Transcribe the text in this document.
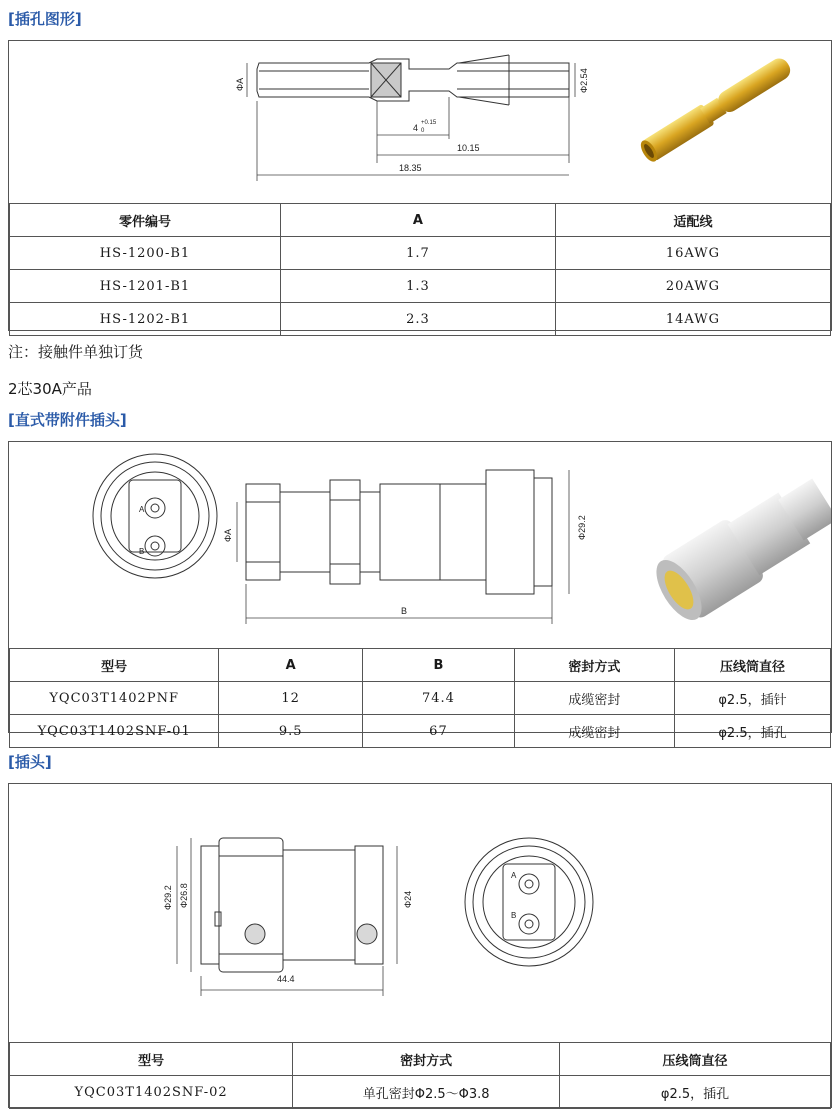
[插孔图形]
4 +0.15
0
10.15
18.35
Φ2.54
ΦA
零件编号	A	适配线
HS-1200-B1	1.7	16AWG
HS-1201-B1	1.3	20AWG
HS-1202-B1	2.3	14AWG
注：接触件单独订货
2芯30A产品
[直式带附件插头]
A
B
B
Φ29.2
ΦA
型号	A	B	密封方式	压线筒直径
YQC03T1402PNF	12	74.4	成缆密封	φ2.5，插针
YQC03T1402SNF-01	9.5	67	成缆密封	φ2.5，插孔
[插头]
Φ29.2 Φ26.8	Φ24
44.4
A
B
型号	密封方式	压线筒直径
YQC03T1402SNF-02	单孔密封Φ2.5～Φ3.8	φ2.5，插孔
